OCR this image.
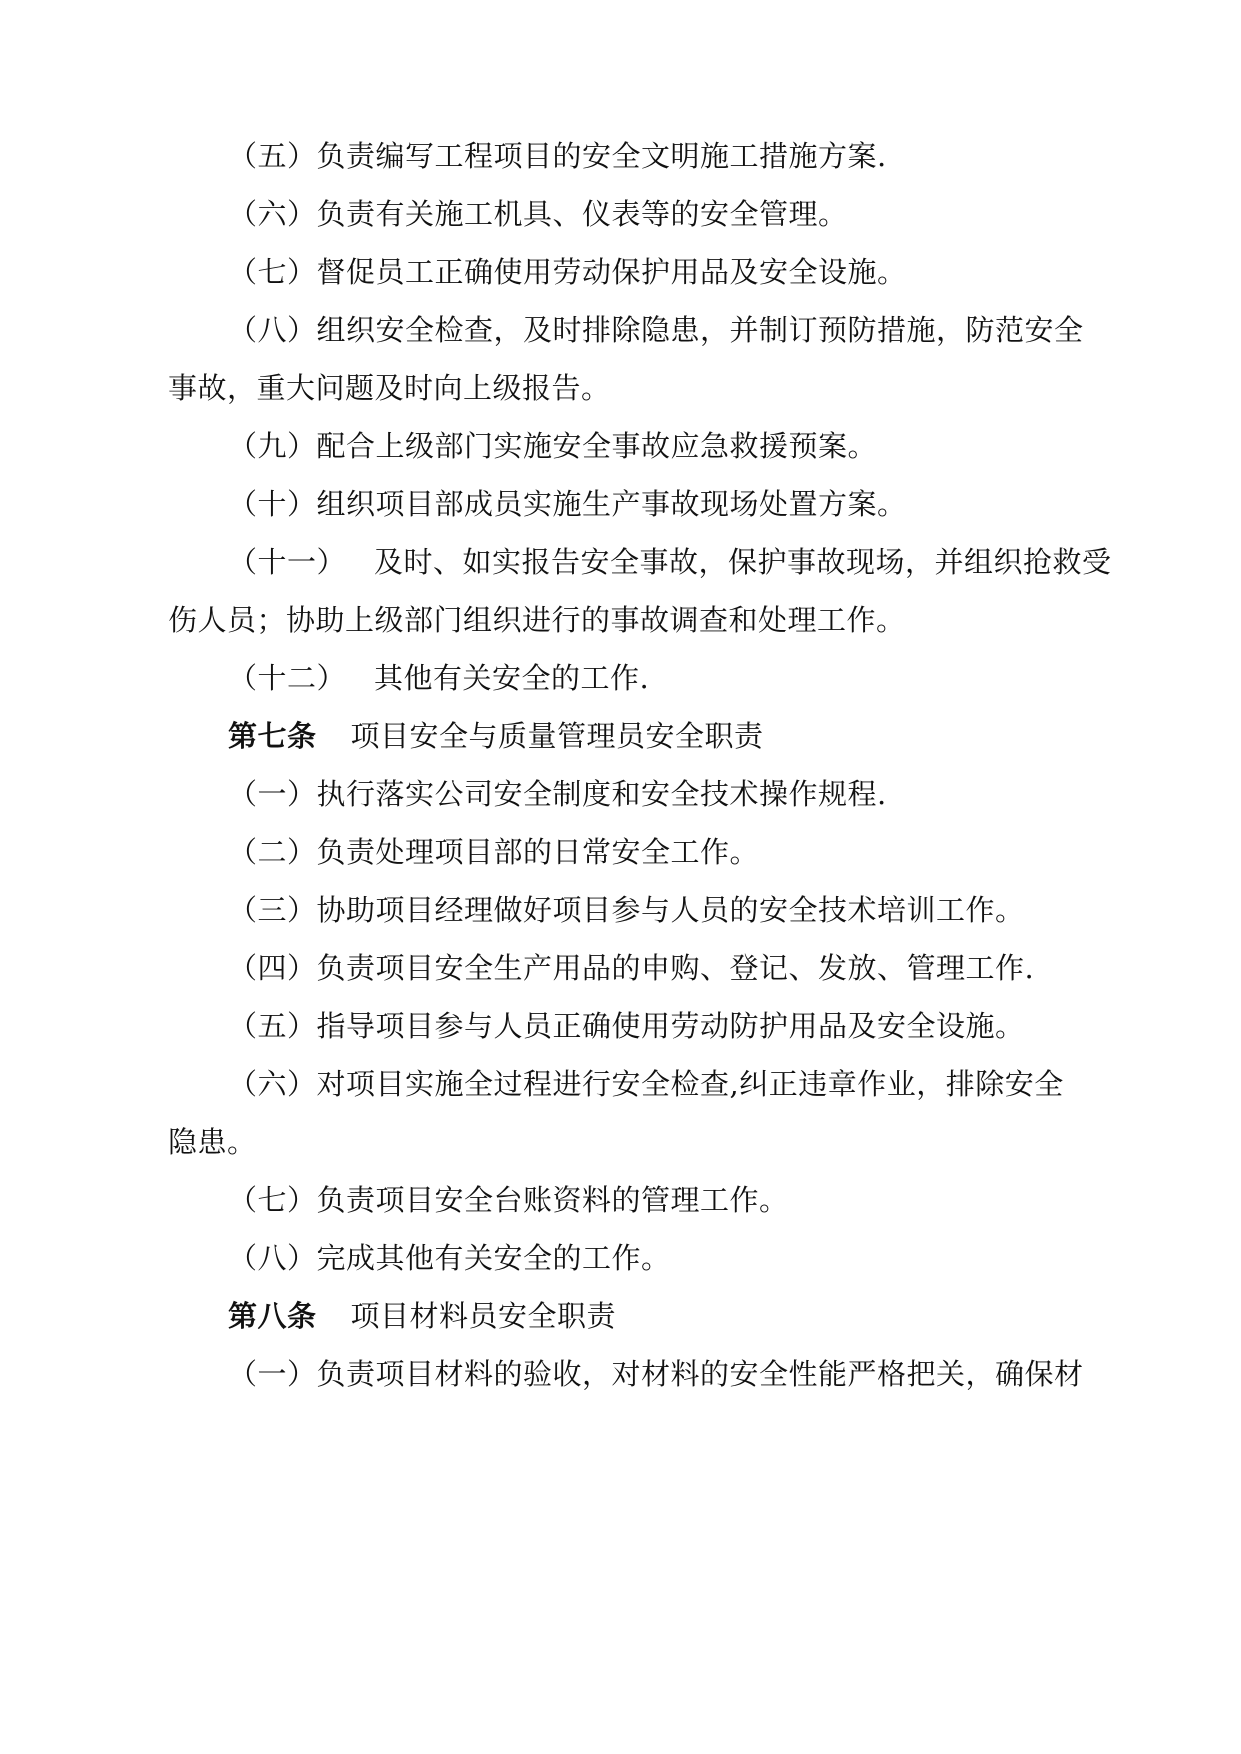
（五）负责编写工程项目的安全文明施工措施方案.
（六）负责有关施工机具、仪表等的安全管理。
（七）督促员工正确使用劳动保护用品及安全设施。
（八）组织安全检查，及时排除隐患，并制订预防措施，防范安全
事故，重大问题及时向上级报告。
（九）配合上级部门实施安全事故应急救援预案。
（十）组织项目部成员实施生产事故现场处置方案。
（十一） 及时、如实报告安全事故，保护事故现场，并组织抢救受
伤人员；协助上级部门组织进行的事故调查和处理工作。
（十二） 其他有关安全的工作.
第七条 项目安全与质量管理员安全职责
（一）执行落实公司安全制度和安全技术操作规程.
（二）负责处理项目部的日常安全工作。
（三）协助项目经理做好项目参与人员的安全技术培训工作。
（四）负责项目安全生产用品的申购、登记、发放、管理工作.
（五）指导项目参与人员正确使用劳动防护用品及安全设施。
（六）对项目实施全过程进行安全检查,纠正违章作业，排除安全
隐患。
（七）负责项目安全台账资料的管理工作。
（八）完成其他有关安全的工作。
第八条 项目材料员安全职责
（一）负责项目材料的验收，对材料的安全性能严格把关，确保材
